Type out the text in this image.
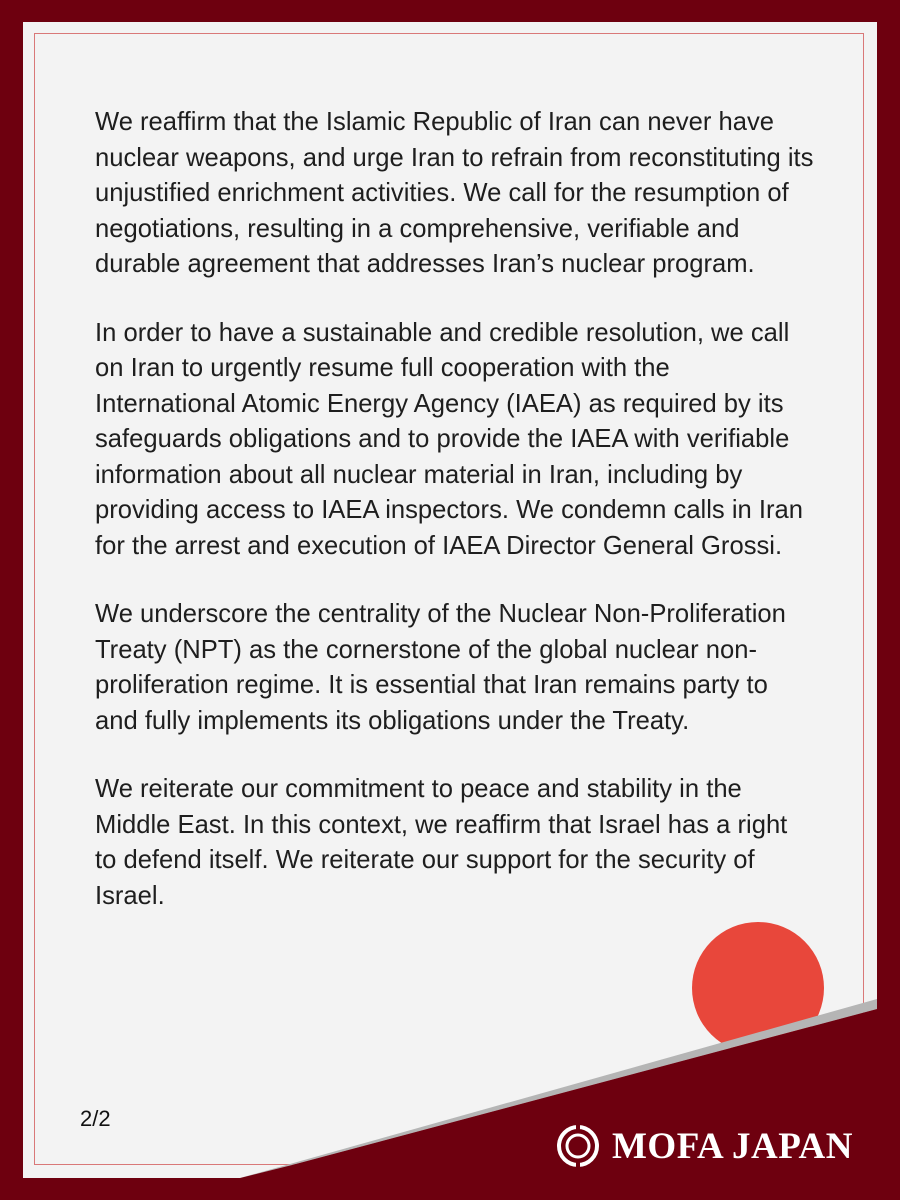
We reaffirm that the Islamic Republic of Iran can never have nuclear weapons, and urge Iran to refrain from reconstituting its unjustified enrichment activities. We call for the resumption of negotiations, resulting in a comprehensive, verifiable and durable agreement that addresses Iran’s nuclear program.

In order to have a sustainable and credible resolution, we call on Iran to urgently resume full cooperation with the International Atomic Energy Agency (IAEA) as required by its safeguards obligations and to provide the IAEA with verifiable information about all nuclear material in Iran, including by providing access to IAEA inspectors. We condemn calls in Iran for the arrest and execution of IAEA Director General Grossi.

We underscore the centrality of the Nuclear Non-Proliferation Treaty (NPT) as the cornerstone of the global nuclear non-proliferation regime. It is essential that Iran remains party to and fully implements its obligations under the Treaty.

We reiterate our commitment to peace and stability in the Middle East. In this context, we reaffirm that Israel has a right to defend itself. We reiterate our support for the security of Israel.

2/2
MOFA JAPAN
